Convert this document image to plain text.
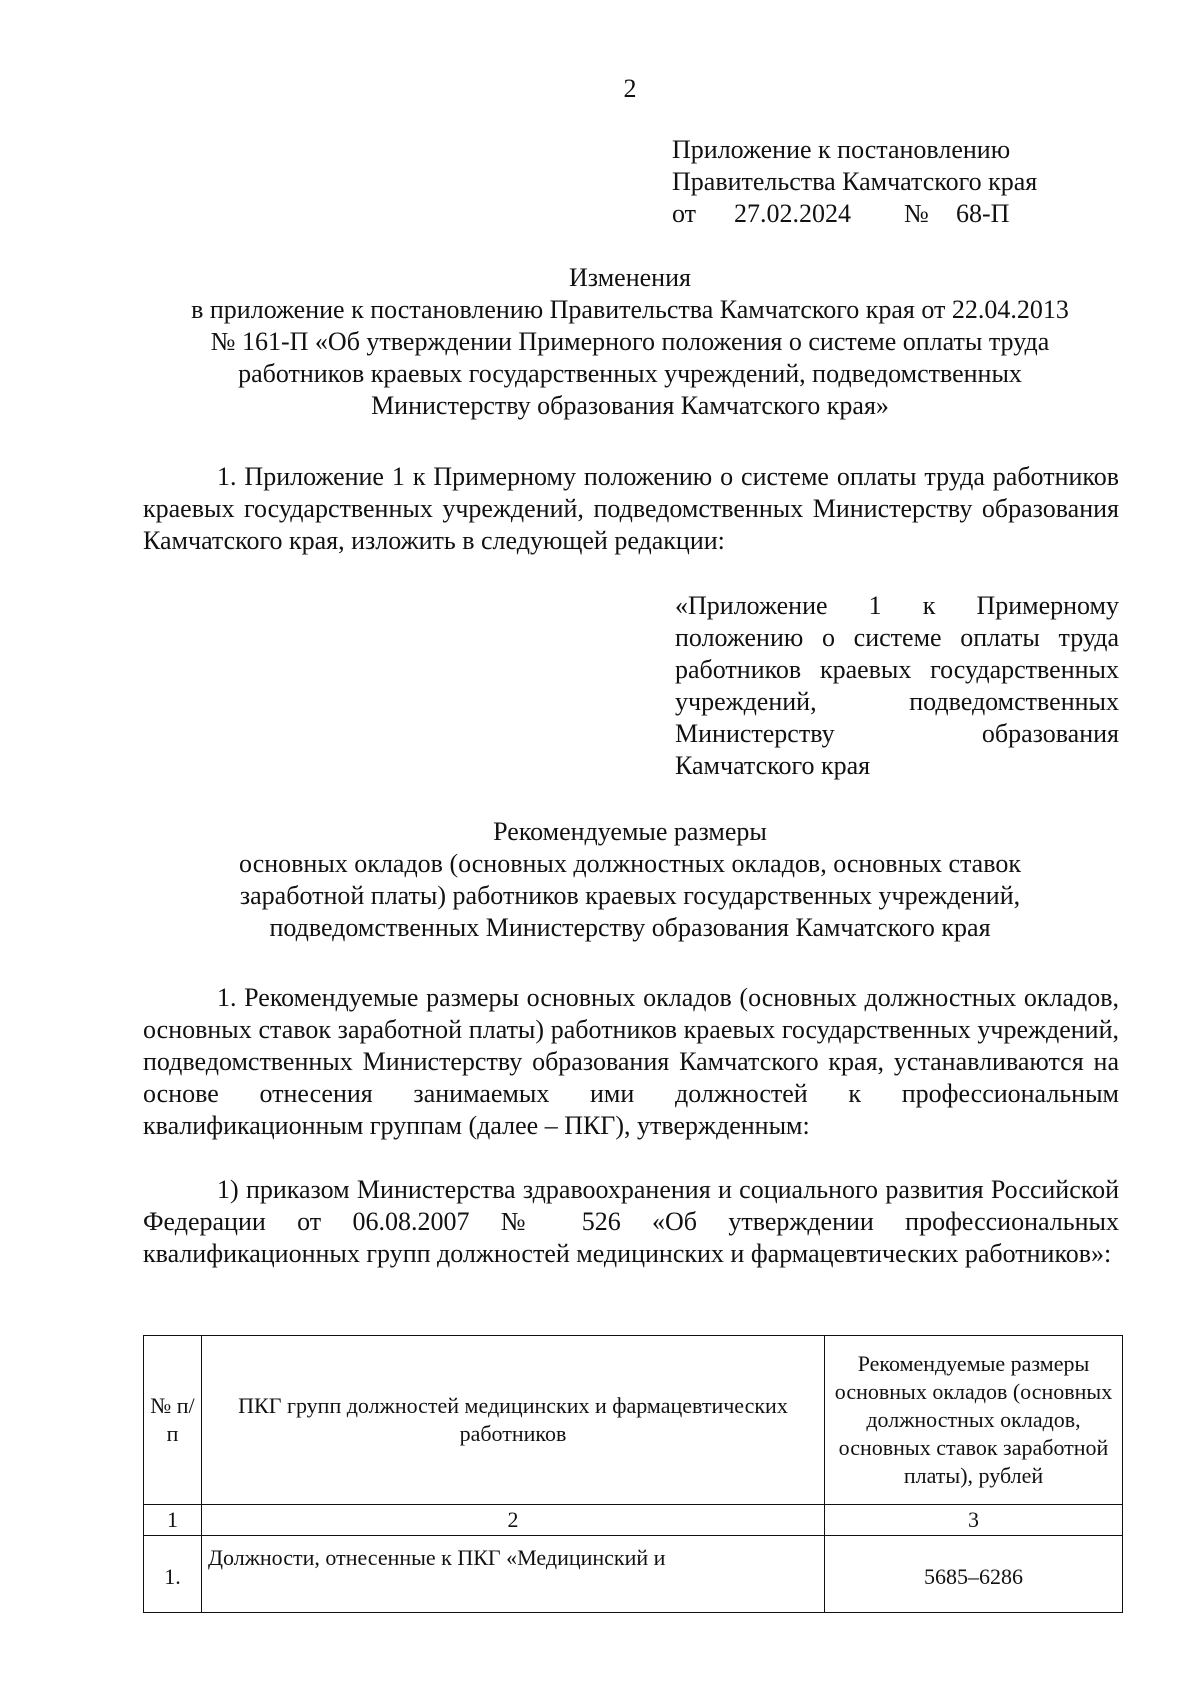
2
Приложение к постановлению
Правительства Камчатского края
от 27.02.2024 № 68-П
Изменения
в приложение к постановлению Правительства Камчатского края от 22.04.2013
№ 161-П «Об утверждении Примерного положения о системе оплаты труда
работников краевых государственных учреждений, подведомственных
Министерству образования Камчатского края»
1. Приложение 1 к Примерному положению о системе оплаты труда работников краевых государственных учреждений, подведомственных Министерству образования Камчатского края, изложить в следующей редакции:
«Приложение 1 к Примерному положению о системе оплаты труда работников краевых государственных учреждений, подведомственных Министерству образования Камчатского края
Рекомендуемые размеры
основных окладов (основных должностных окладов, основных ставок
заработной платы) работников краевых государственных учреждений,
подведомственных Министерству образования Камчатского края
1. Рекомендуемые размеры основных окладов (основных должностных окладов, основных ставок заработной платы) работников краевых государственных учреждений, подведомственных Министерству образования Камчатского края, устанавливаются на основе отнесения занимаемых ими должностей к профессиональным квалификационным группам (далее – ПКГ), утвержденным:
1) приказом Министерства здравоохранения и социального развития Российской Федерации от 06.08.2007 № 526 «Об утверждении профессиональных квалификационных групп должностей медицинских и фармацевтических работников»:
№ п/п	ПКГ групп должностей медицинских и фармацевтических работников	Рекомендуемые размеры основных окладов (основных должностных окладов, основных ставок заработной платы), рублей
1	2	3
1.	Должности, отнесенные к ПКГ «Медицинский и	5685–6286
